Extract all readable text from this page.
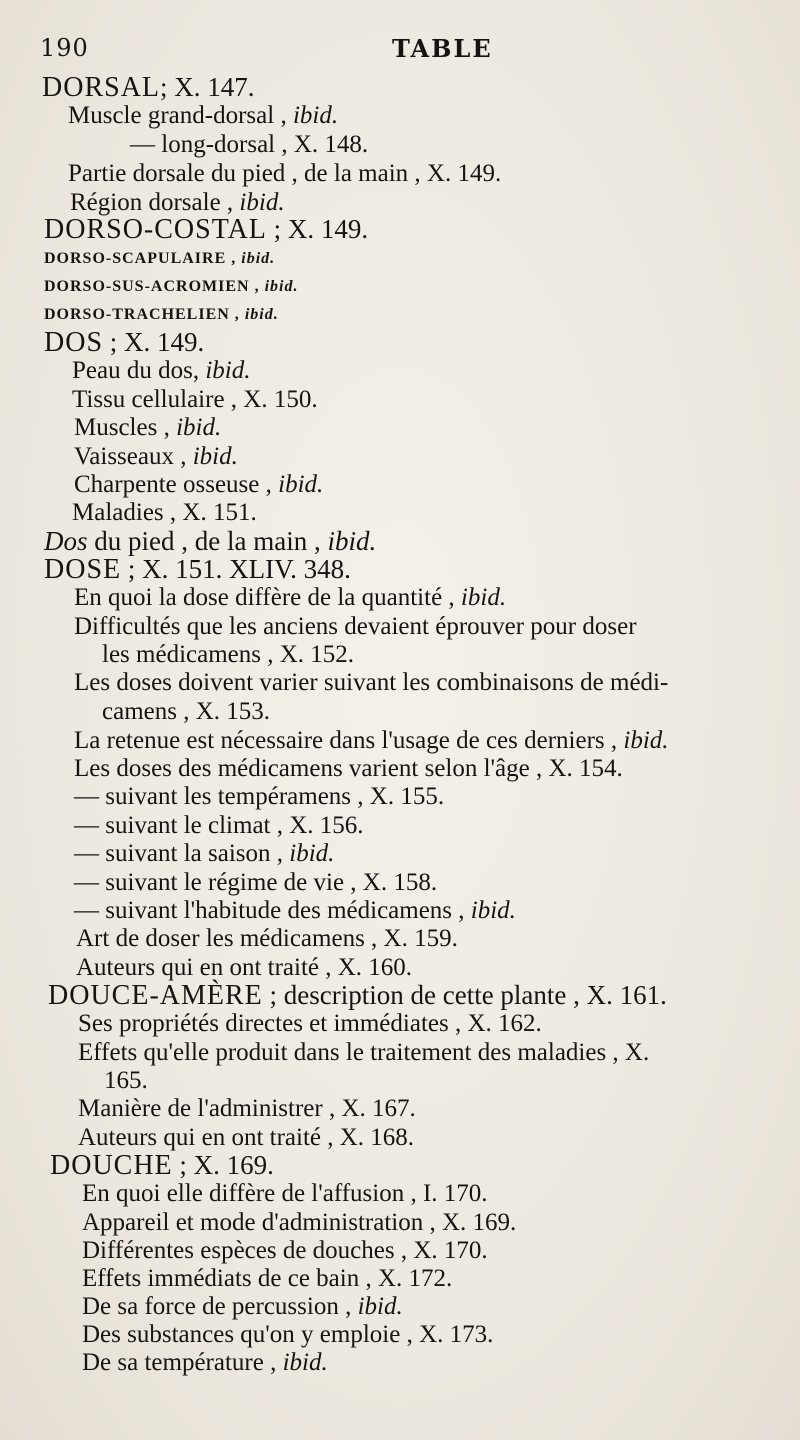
190	TABLE
DORSAL; X. 147.
Muscle grand-dorsal , ibid.
— long-dorsal , X. 148.
Partie dorsale du pied , de la main , X. 149.
Région dorsale , ibid.
DORSO-COSTAL ; X. 149.
DORSO-SCAPULAIRE , ibid.
DORSO-SUS-ACROMIEN , ibid.
DORSO-TRACHELIEN , ibid.
DOS ; X. 149.
Peau du dos, ibid.
Tissu cellulaire , X. 150.
Muscles , ibid.
Vaisseaux , ibid.
Charpente osseuse , ibid.
Maladies , X. 151.
Dos du pied , de la main , ibid.
DOSE ; X. 151. XLIV. 348.
En quoi la dose diffère de la quantité , ibid.
Difficultés que les anciens devaient éprouver pour doser
les médicamens , X. 152.
Les doses doivent varier suivant les combinaisons de médi-
camens , X. 153.
La retenue est nécessaire dans l'usage de ces derniers , ibid.
Les doses des médicamens varient selon l'âge , X. 154.
— suivant les tempéramens , X. 155.
— suivant le climat , X. 156.
— suivant la saison , ibid.
— suivant le régime de vie , X. 158.
— suivant l'habitude des médicamens , ibid.
Art de doser les médicamens , X. 159.
Auteurs qui en ont traité , X. 160.
DOUCE-AMÈRE ; description de cette plante , X. 161.
Ses propriétés directes et immédiates , X. 162.
Effets qu'elle produit dans le traitement des maladies , X.
165.
Manière de l'administrer , X. 167.
Auteurs qui en ont traité , X. 168.
DOUCHE ; X. 169.
En quoi elle diffère de l'affusion , I. 170.
Appareil et mode d'administration , X. 169.
Différentes espèces de douches , X. 170.
Effets immédiats de ce bain , X. 172.
De sa force de percussion , ibid.
Des substances qu'on y emploie , X. 173.
De sa température , ibid.
